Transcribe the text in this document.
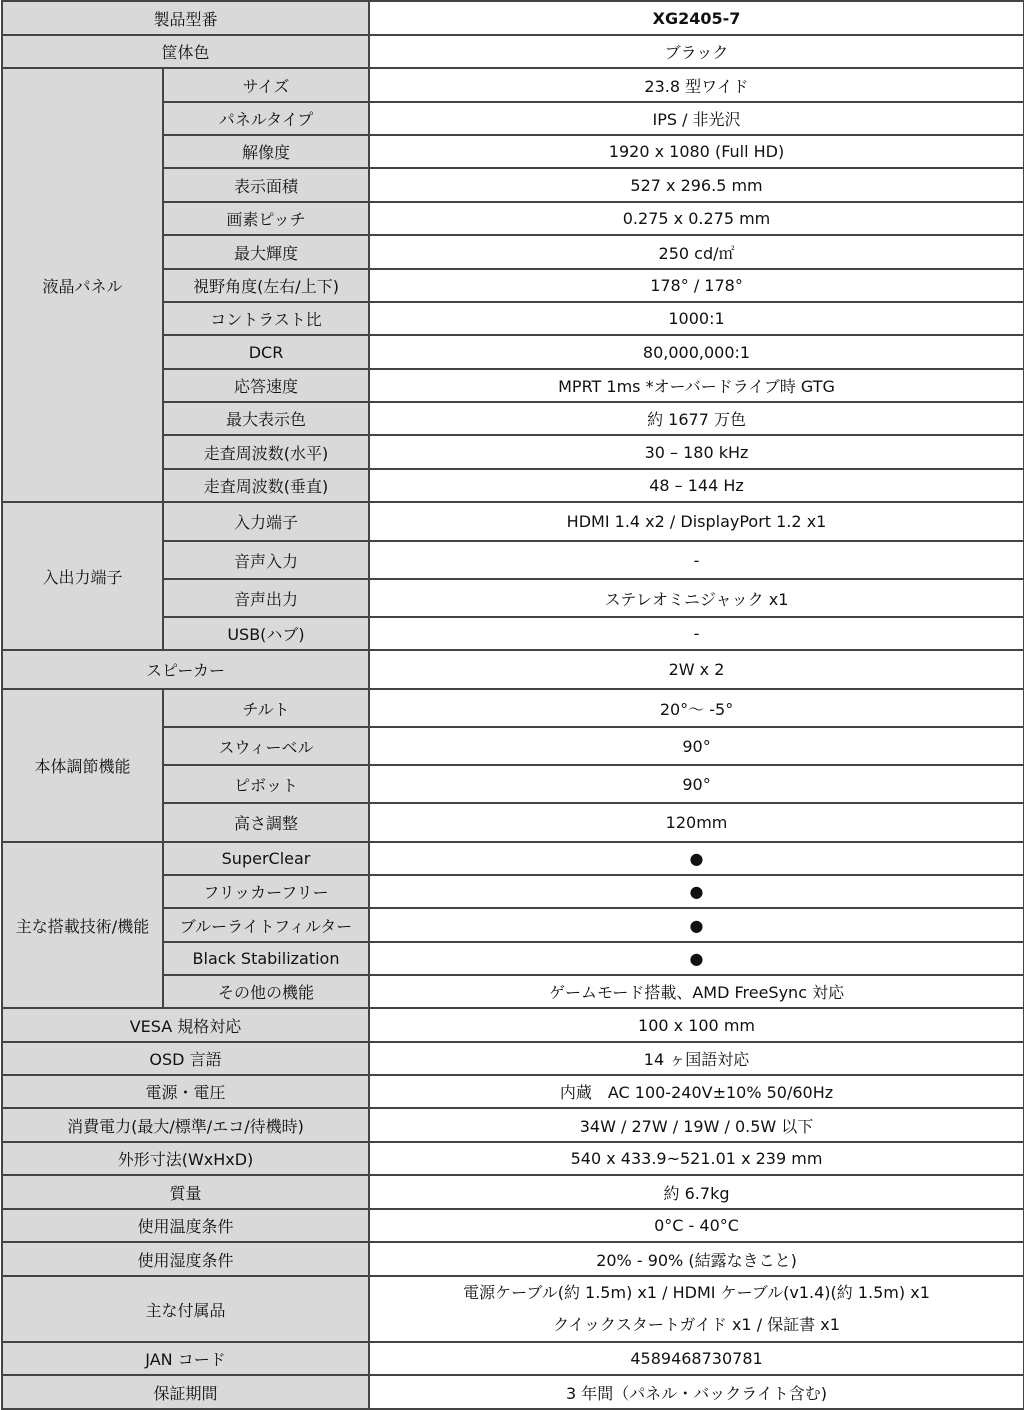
製品型番		XG2405-7
筐体色		ブラック
液晶パネル	サイズ	23.8 型ワイド
	パネルタイプ	IPS / 非光沢
	解像度	1920 x 1080 (Full HD)
	表示面積	527 x 296.5 mm
	画素ピッチ	0.275 x 0.275 mm
	最大輝度	250 cd/㎡
	視野角度(左右/上下)	178° / 178°
	コントラスト比	1000:1
	DCR	80,000,000:1
	応答速度	MPRT 1ms *オーバードライブ時 GTG
	最大表示色	約 1677 万色
	走査周波数(水平)	30 – 180 kHz
	走査周波数(垂直)	48 – 144 Hz
入出力端子	入力端子	HDMI 1.4 x2 / DisplayPort 1.2 x1
	音声入力	-
	音声出力	ステレオミニジャック x1
	USB(ハブ)	-
スピーカー		2W x 2
本体調節機能	チルト	20°～ -5°
	スウィーベル	90°
	ピボット	90°
	高さ調整	120mm
主な搭載技術/機能	SuperClear	●
	フリッカーフリー	●
	ブルーライトフィルター	●
	Black Stabilization	●
	その他の機能	ゲームモード搭載、AMD FreeSync 対応
VESA 規格対応		100 x 100 mm
OSD 言語		14 ヶ国語対応
電源・電圧		内蔵　AC 100-240V±10% 50/60Hz
消費電力(最大/標準/エコ/待機時)		34W / 27W / 19W / 0.5W 以下
外形寸法(WxHxD)		540 x 433.9~521.01 x 239 mm
質量		約 6.7kg
使用温度条件		0°C - 40°C
使用湿度条件		20% - 90% (結露なきこと)
主な付属品		電源ケーブル(約 1.5m) x1 / HDMI ケーブル(v1.4)(約 1.5m) x1
クイックスタートガイド x1 / 保証書 x1

JAN コード		4589468730781
保証期間		3 年間（パネル・バックライト含む)
